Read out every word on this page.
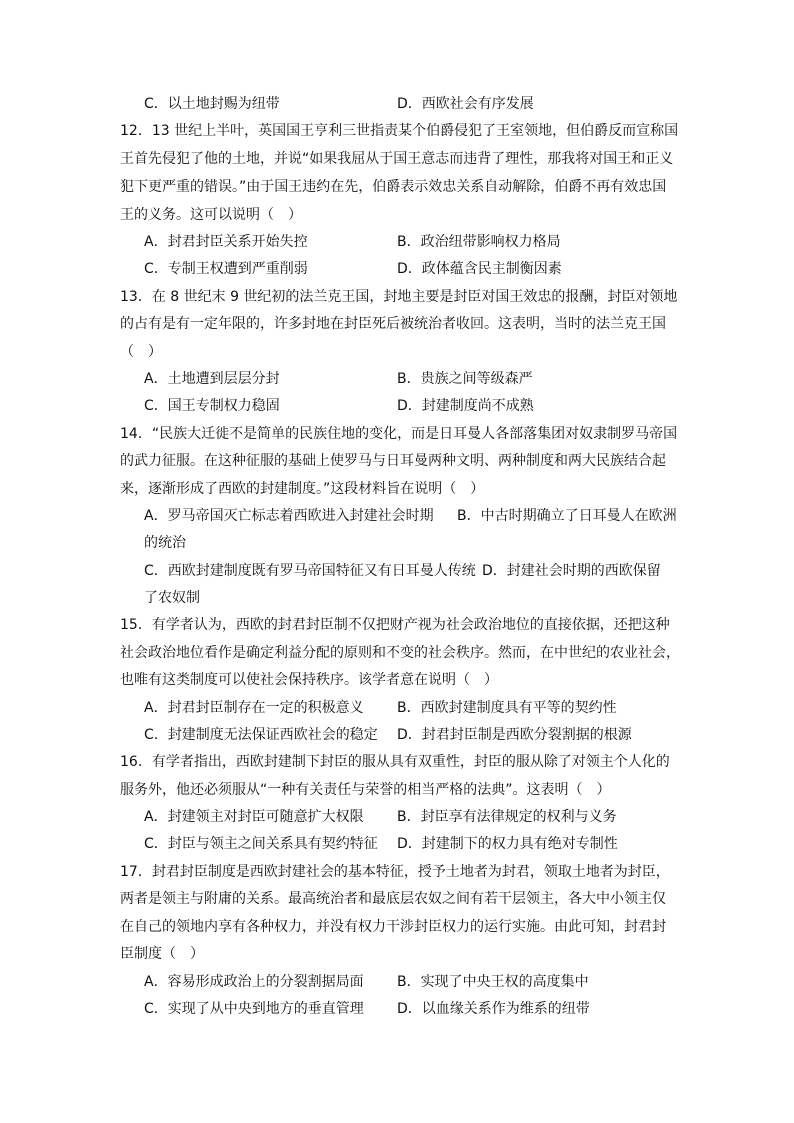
C．以土地封赐为纽带	D．西欧社会有序发展
12．13 世纪上半叶，英国国王亨利三世指责某个伯爵侵犯了王室领地，但伯爵反而宣称国
王首先侵犯了他的土地，并说“如果我屈从于国王意志而违背了理性，那我将对国王和正义
犯下更严重的错误。”由于国王违约在先，伯爵表示效忠关系自动解除，伯爵不再有效忠国
王的义务。这可以说明（　）
A．封君封臣关系开始失控	B．政治纽带影响权力格局
C．专制王权遭到严重削弱	D．政体蕴含民主制衡因素
13．在 8 世纪末 9 世纪初的法兰克王国，封地主要是封臣对国王效忠的报酬，封臣对领地
的占有是有一定年限的，许多封地在封臣死后被统治者收回。这表明，当时的法兰克王国
（　）
A．土地遭到层层分封	B．贵族之间等级森严
C．国王专制权力稳固	D．封建制度尚不成熟
14．“民族大迁徙不是简单的民族住地的变化，而是日耳曼人各部落集团对奴隶制罗马帝国
的武力征服。在这种征服的基础上使罗马与日耳曼两种文明、两种制度和两大民族结合起
来，逐渐形成了西欧的封建制度。”这段材料旨在说明（　）
A．罗马帝国灭亡标志着西欧进入封建社会时期 B．中古时期确立了日耳曼人在欧洲
的统治
C．西欧封建制度既有罗马帝国特征又有日耳曼人传统 D．封建社会时期的西欧保留
了农奴制
15．有学者认为，西欧的封君封臣制不仅把财产视为社会政治地位的直接依据，还把这种
社会政治地位看作是确定利益分配的原则和不变的社会秩序。然而，在中世纪的农业社会，
也唯有这类制度可以使社会保持秩序。该学者意在说明（　）
A．封君封臣制存在一定的积极意义 B．西欧封建制度具有平等的契约性
C．封建制度无法保证西欧社会的稳定 D．封君封臣制是西欧分裂割据的根源
16．有学者指出，西欧封建制下封臣的服从具有双重性，封臣的服从除了对领主个人化的
服务外，他还必须服从“一种有关责任与荣誉的相当严格的法典”。这表明（　）
A．封建领主对封臣可随意扩大权限 B．封臣享有法律规定的权利与义务
C．封臣与领主之间关系具有契约特征 D．封建制下的权力具有绝对专制性
17．封君封臣制度是西欧封建社会的基本特征，授予土地者为封君，领取土地者为封臣，
两者是领主与附庸的关系。最高统治者和最底层农奴之间有若干层领主，各大中小领主仅
在自己的领地内享有各种权力，并没有权力干涉封臣权力的运行实施。由此可知，封君封
臣制度（　）
A．容易形成政治上的分裂割据局面 B．实现了中央王权的高度集中
C．实现了从中央到地方的垂直管理 D．以血缘关系作为维系的纽带
